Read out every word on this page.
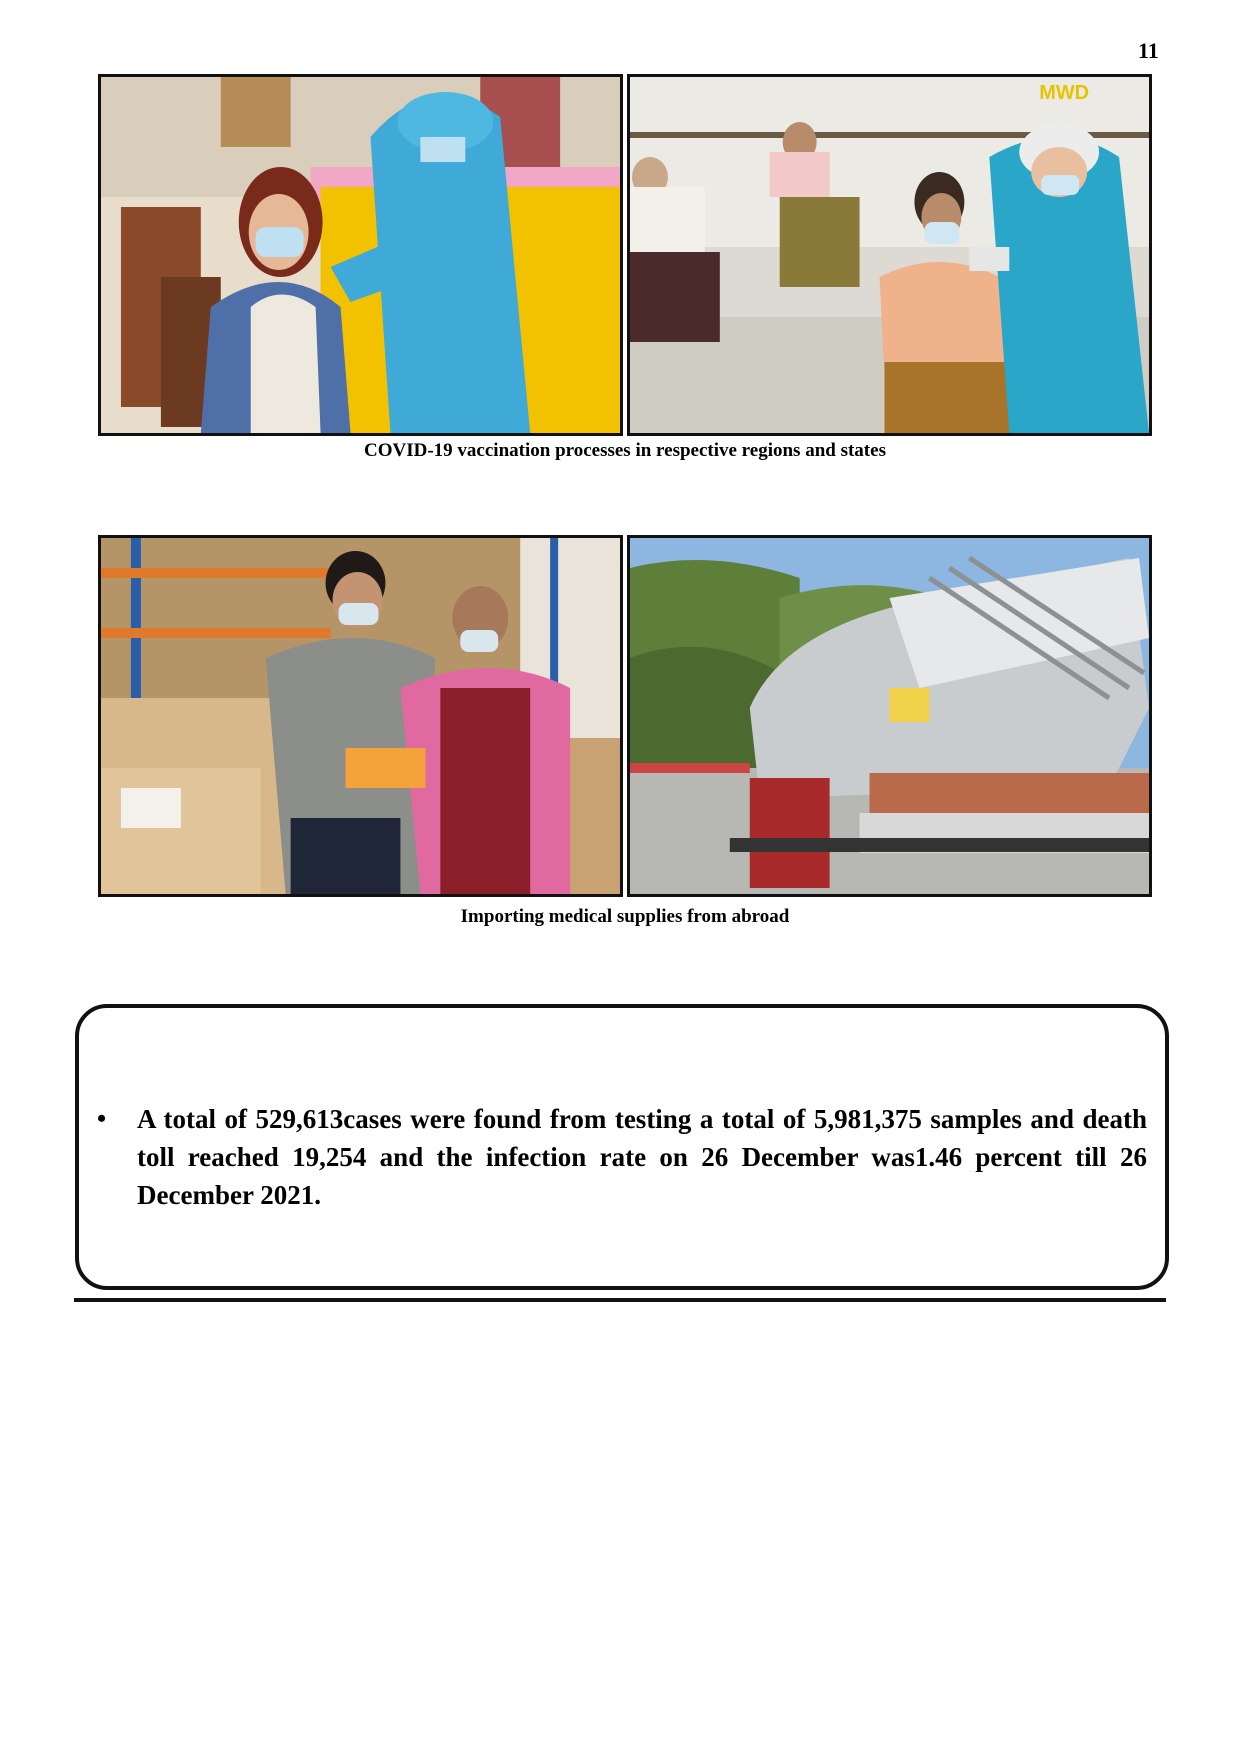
11
MWD
COVID-19 vaccination processes in respective regions and states
Importing medical supplies from abroad
•	A total of 529,613cases were found from testing a total of 5,981,375 samples and death toll reached 19,254 and the infection rate on 26 December was1.46 percent till 26 December 2021.
